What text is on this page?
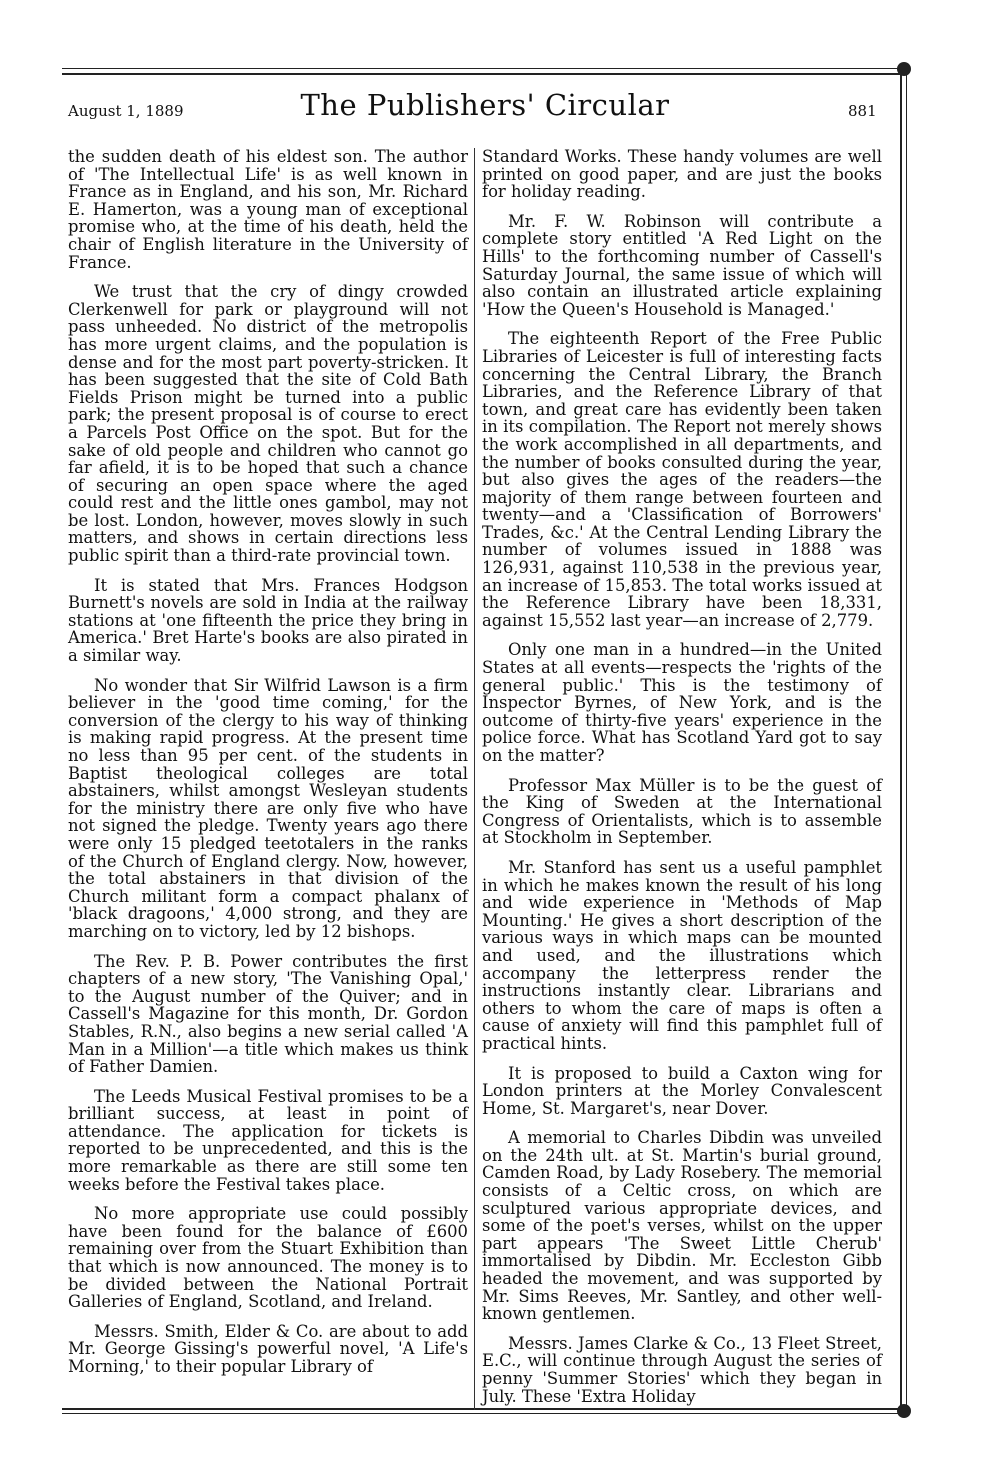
August 1, 1889	The Publishers' Circular	881

the sudden death of his eldest son. The author of 'The Intellectual Life' is as well known in France as in England, and his son, Mr. Richard E. Hamerton, was a young man of exceptional promise who, at the time of his death, held the chair of English literature in the University of France.

We trust that the cry of dingy crowded Clerkenwell for park or playground will not pass unheeded. No district of the metropolis has more urgent claims, and the population is dense and for the most part poverty-stricken. It has been suggested that the site of Cold Bath Fields Prison might be turned into a public park; the present proposal is of course to erect a Parcels Post Office on the spot. But for the sake of old people and children who cannot go far afield, it is to be hoped that such a chance of securing an open space where the aged could rest and the little ones gambol, may not be lost. London, however, moves slowly in such matters, and shows in certain directions less public spirit than a third-rate provincial town.

It is stated that Mrs. Frances Hodgson Burnett's novels are sold in India at the railway stations at 'one fifteenth the price they bring in America.' Bret Harte's books are also pirated in a similar way.

No wonder that Sir Wilfrid Lawson is a firm believer in the 'good time coming,' for the conversion of the clergy to his way of thinking is making rapid progress. At the present time no less than 95 per cent. of the students in Baptist theological colleges are total abstainers, whilst amongst Wesleyan students for the ministry there are only five who have not signed the pledge. Twenty years ago there were only 15 pledged teetotalers in the ranks of the Church of England clergy. Now, however, the total abstainers in that division of the Church militant form a compact phalanx of 'black dragoons,' 4,000 strong, and they are marching on to victory, led by 12 bishops.

The Rev. P. B. Power contributes the first chapters of a new story, 'The Vanishing Opal,' to the August number of the Quiver; and in Cassell's Magazine for this month, Dr. Gordon Stables, R.N., also begins a new serial called 'A Man in a Million'—a title which makes us think of Father Damien.

The Leeds Musical Festival promises to be a brilliant success, at least in point of attendance. The application for tickets is reported to be unprecedented, and this is the more remarkable as there are still some ten weeks before the Festival takes place.

No more appropriate use could possibly have been found for the balance of £600 remaining over from the Stuart Exhibition than that which is now announced. The money is to be divided between the National Portrait Galleries of England, Scotland, and Ireland.

Messrs. Smith, Elder & Co. are about to add Mr. George Gissing's powerful novel, 'A Life's Morning,' to their popular Library of

Standard Works. These handy volumes are well printed on good paper, and are just the books for holiday reading.

Mr. F. W. Robinson will contribute a complete story entitled 'A Red Light on the Hills' to the forthcoming number of Cassell's Saturday Journal, the same issue of which will also contain an illustrated article explaining 'How the Queen's Household is Managed.'

The eighteenth Report of the Free Public Libraries of Leicester is full of interesting facts concerning the Central Library, the Branch Libraries, and the Reference Library of that town, and great care has evidently been taken in its compilation. The Report not merely shows the work accomplished in all departments, and the number of books consulted during the year, but also gives the ages of the readers—the majority of them range between fourteen and twenty—and a 'Classification of Borrowers' Trades, &c.' At the Central Lending Library the number of volumes issued in 1888 was 126,931, against 110,538 in the previous year, an increase of 15,853. The total works issued at the Reference Library have been 18,331, against 15,552 last year—an increase of 2,779.

Only one man in a hundred—in the United States at all events—respects the 'rights of the general public.' This is the testimony of Inspector Byrnes, of New York, and is the outcome of thirty-five years' experience in the police force. What has Scotland Yard got to say on the matter?

Professor Max Müller is to be the guest of the King of Sweden at the International Congress of Orientalists, which is to assemble at Stockholm in September.

Mr. Stanford has sent us a useful pamphlet in which he makes known the result of his long and wide experience in 'Methods of Map Mounting.' He gives a short description of the various ways in which maps can be mounted and used, and the illustrations which accompany the letterpress render the instructions instantly clear. Librarians and others to whom the care of maps is often a cause of anxiety will find this pamphlet full of practical hints.

It is proposed to build a Caxton wing for London printers at the Morley Convalescent Home, St. Margaret's, near Dover.

A memorial to Charles Dibdin was unveiled on the 24th ult. at St. Martin's burial ground, Camden Road, by Lady Rosebery. The memorial consists of a Celtic cross, on which are sculptured various appropriate devices, and some of the poet's verses, whilst on the upper part appears 'The Sweet Little Cherub' immortalised by Dibdin. Mr. Eccleston Gibb headed the movement, and was supported by Mr. Sims Reeves, Mr. Santley, and other well-known gentlemen.

Messrs. James Clarke & Co., 13 Fleet Street, E.C., will continue through August the series of penny 'Summer Stories' which they began in July. These 'Extra Holiday
